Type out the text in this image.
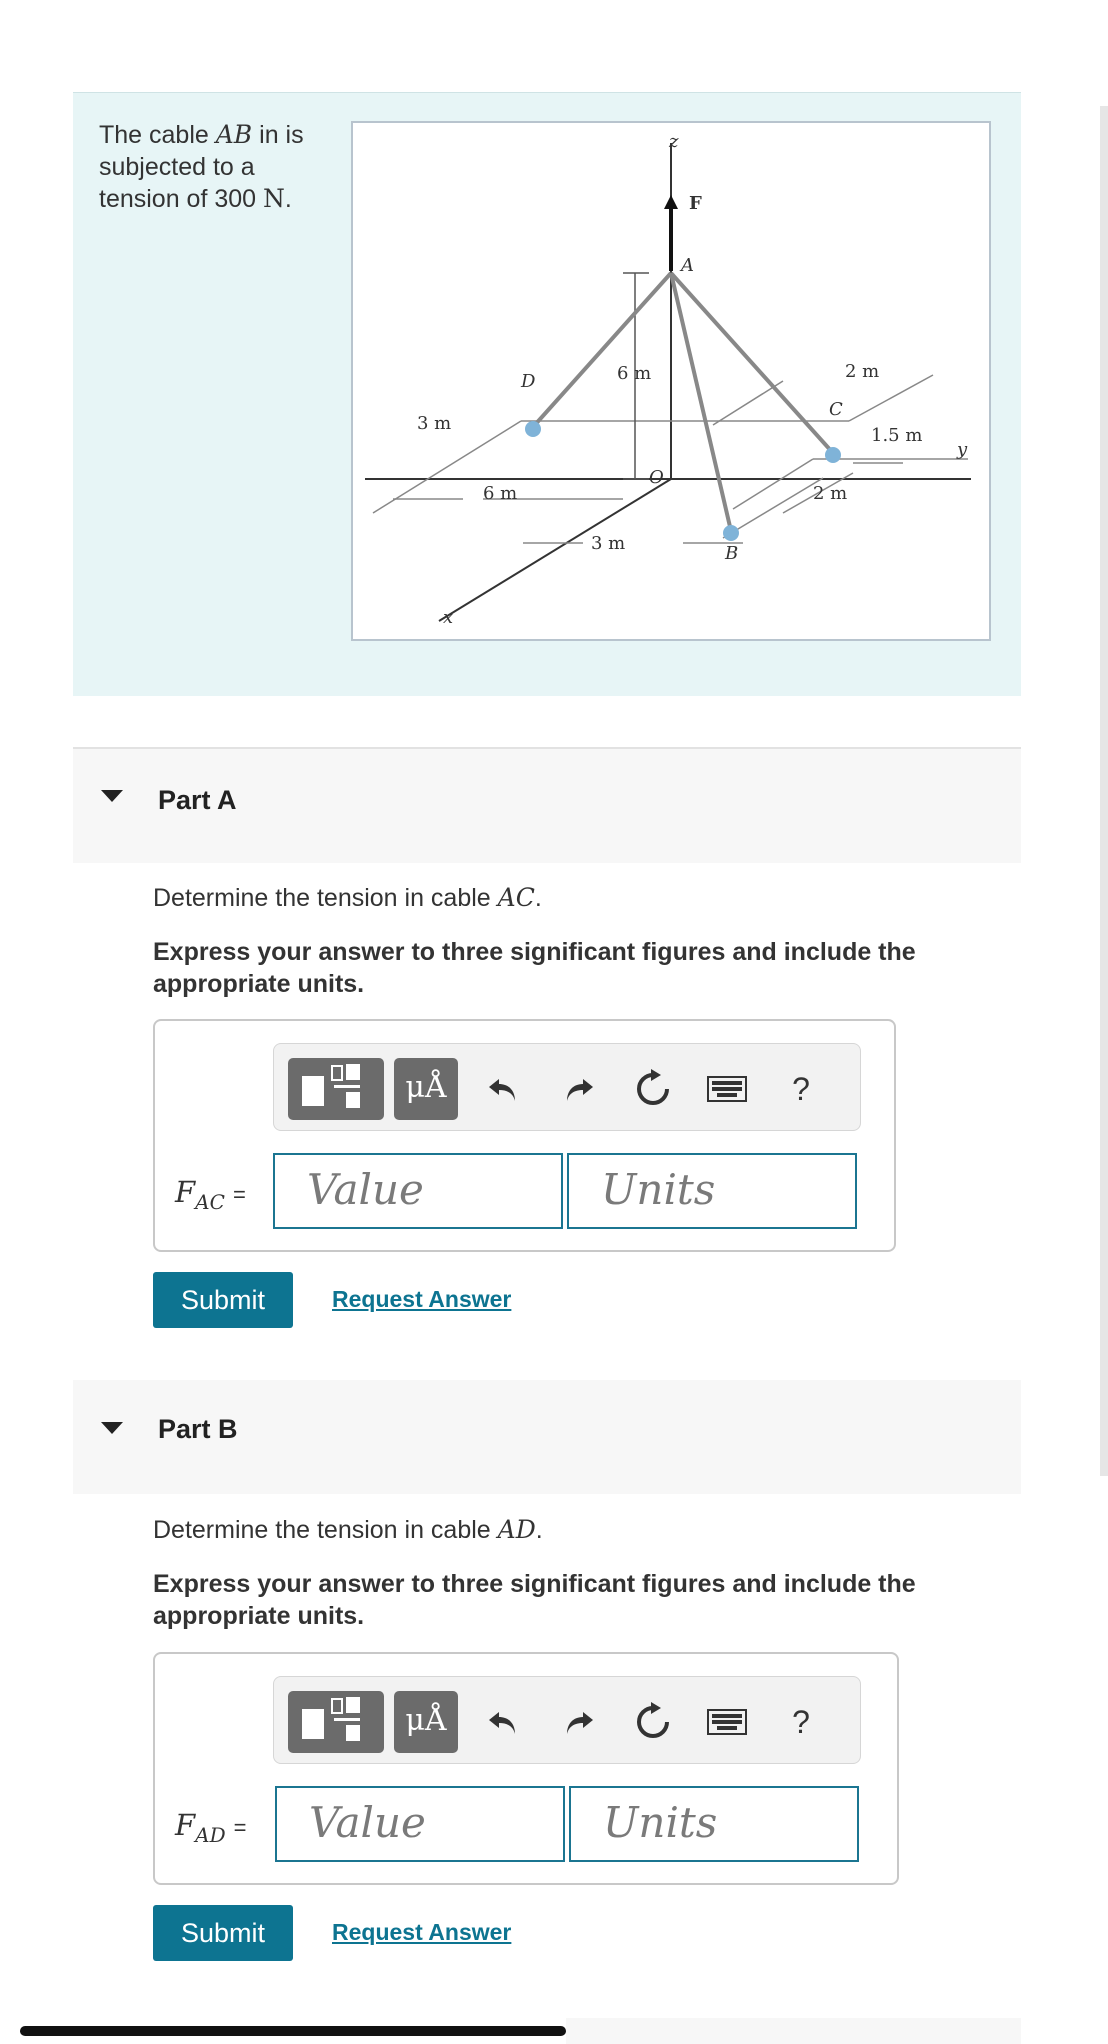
The cable AB in is subjected to a tension of 300 N.
z
F
A
D	6 m	2 m
C
3 m
1.5 m
y
O
6 m	2 m
3 m	B
x
Part A
Determine the tension in cable AC.
Express your answer to three significant figures and include the appropriate units.
μÅ	?
$F_{AC}$ = Value	Units
Submit	Request Answer
Part B
Determine the tension in cable AD.
Express your answer to three significant figures and include the appropriate units.
μÅ	?
$F_{AD}$ = Value	Units
Submit	Request Answer
